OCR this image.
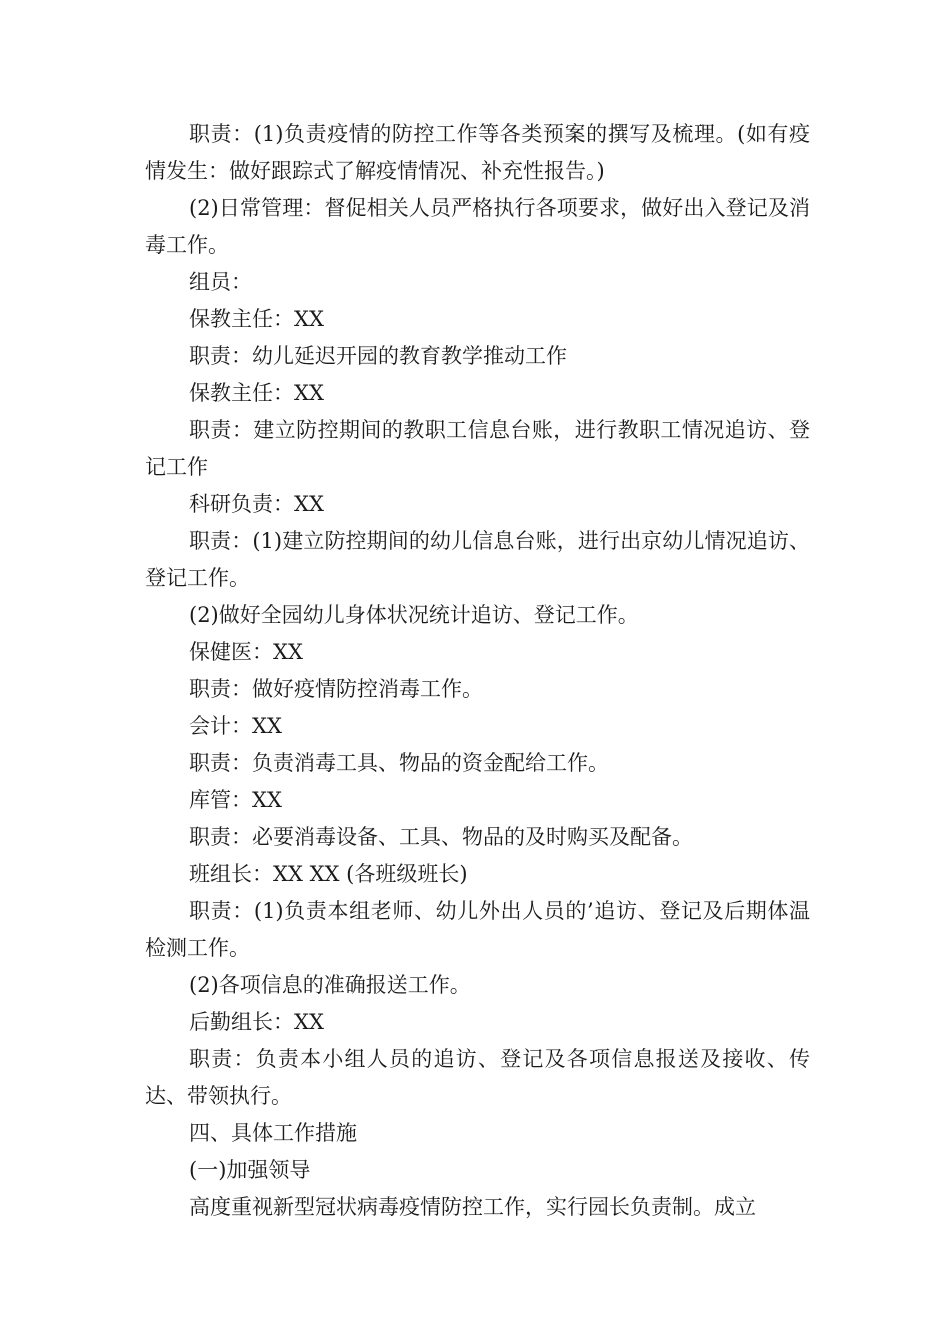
职责：(1)负责疫情的防控工作等各类预案的撰写及梳理。(如有疫情发生：做好跟踪式了解疫情情况、补充性报告。)

(2)日常管理：督促相关人员严格执行各项要求，做好出入登记及消毒工作。

组员：

保教主任：XX

职责：幼儿延迟开园的教育教学推动工作

保教主任：XX

职责：建立防控期间的教职工信息台账，进行教职工情况追访、登记工作

科研负责：XX

职责：(1)建立防控期间的幼儿信息台账，进行出京幼儿情况追访、登记工作。

(2)做好全园幼儿身体状况统计追访、登记工作。

保健医：XX

职责：做好疫情防控消毒工作。

会计：XX

职责：负责消毒工具、物品的资金配给工作。

库管：XX

职责：必要消毒设备、工具、物品的及时购买及配备。

班组长：XX XX (各班级班长)

职责：(1)负责本组老师、幼儿外出人员的’追访、登记及后期体温检测工作。

(2)各项信息的准确报送工作。

后勤组长：XX

职责：负责本小组人员的追访、登记及各项信息报送及接收、传达、带领执行。

四、具体工作措施

(一)加强领导

高度重视新型冠状病毒疫情防控工作，实行园长负责制。成立
